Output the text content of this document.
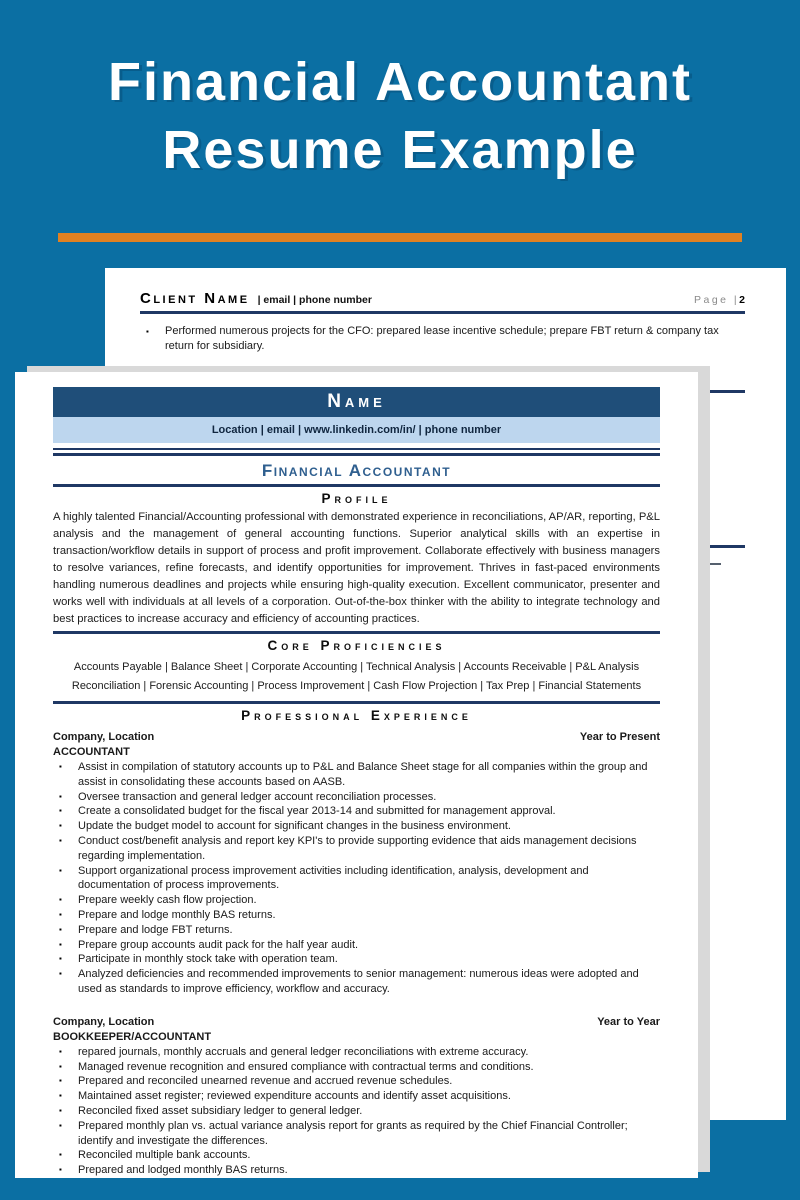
Financial Accountant
Resume Example
Client Name | email | phone number	Page |2
▪ Performed numerous projects for the CFO: prepared lease incentive schedule; prepare FBT return & company tax return for subsidiary.
Name
Location | email | www.linkedin.com/in/ | phone number
Financial Accountant
Profile

A highly talented Financial/Accounting professional with demonstrated experience in reconciliations, AP/AR, reporting, P&L analysis and the management of general accounting functions. Superior analytical skills with an expertise in transaction/workflow details in support of process and profit improvement. Collaborate effectively with business managers to resolve variances, refine forecasts, and identify opportunities for improvement. Thrives in fast-paced environments handling numerous deadlines and projects while ensuring high-quality execution. Excellent communicator, presenter and works well with individuals at all levels of a corporation. Out-of-the-box thinker with the ability to integrate technology and best practices to increase accuracy and efficiency of accounting practices.

Core Proficiencies
Accounts Payable | Balance Sheet | Corporate Accounting | Technical Analysis | Accounts Receivable | P&L Analysis
Reconciliation | Forensic Accounting | Process Improvement | Cash Flow Projection | Tax Prep | Financial Statements
Professional Experience
Company, Location	Year to Present
ACCOUNTANT
▪ Assist in compilation of statutory accounts up to P&L and Balance Sheet stage for all companies within the group and assist in consolidating these accounts based on AASB.
▪ Oversee transaction and general ledger account reconciliation processes.
▪ Create a consolidated budget for the fiscal year 2013-14 and submitted for management approval.
▪ Update the budget model to account for significant changes in the business environment.
▪ Conduct cost/benefit analysis and report key KPI's to provide supporting evidence that aids management decisions regarding implementation.
▪ Support organizational process improvement activities including identification, analysis, development and documentation of process improvements.
▪ Prepare weekly cash flow projection.
▪ Prepare and lodge monthly BAS returns.
▪ Prepare and lodge FBT returns.
▪ Prepare group accounts audit pack for the half year audit.
▪ Participate in monthly stock take with operation team.
▪ Analyzed deficiencies and recommended improvements to senior management: numerous ideas were adopted and used as standards to improve efficiency, workflow and accuracy.
Company, Location	Year to Year
BOOKKEEPER/ACCOUNTANT
▪ repared journals, monthly accruals and general ledger reconciliations with extreme accuracy.
▪ Managed revenue recognition and ensured compliance with contractual terms and conditions.
▪ Prepared and reconciled unearned revenue and accrued revenue schedules.
▪ Maintained asset register; reviewed expenditure accounts and identify asset acquisitions.
▪ Reconciled fixed asset subsidiary ledger to general ledger.
▪ Prepared monthly plan vs. actual variance analysis report for grants as required by the Chief Financial Controller; identify and investigate the differences.
▪ Reconciled multiple bank accounts.
▪ Prepared and lodged monthly BAS returns.
